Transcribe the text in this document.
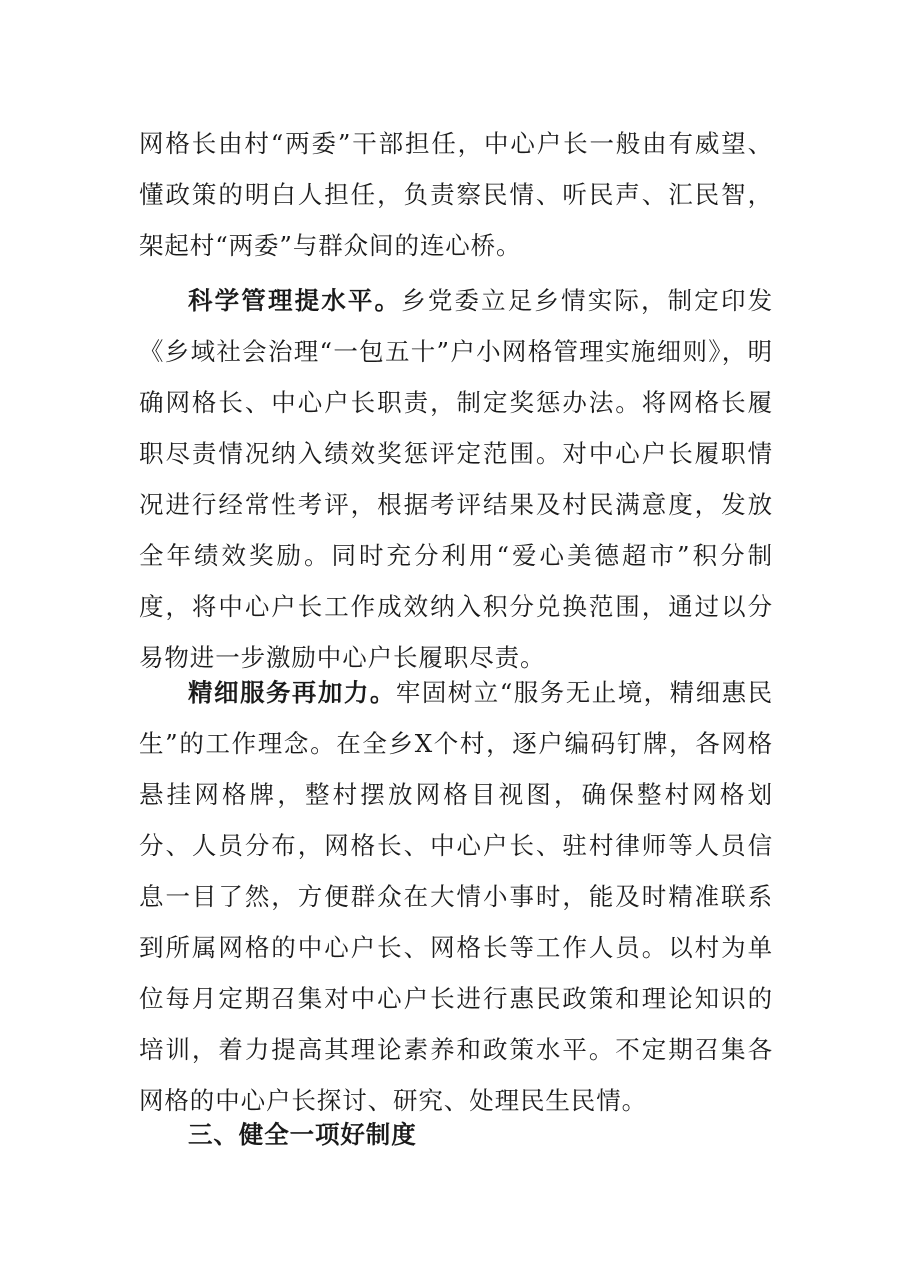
网格长由村“两委”干部担任，中心户长一般由有威望、懂政策的明白人担任，负责察民情、听民声、汇民智，架起村“两委”与群众间的连心桥。

科学管理提水平。乡党委立足乡情实际，制定印发《乡域社会治理“一包五十”户小网格管理实施细则》，明确网格长、中心户长职责，制定奖惩办法。将网格长履职尽责情况纳入绩效奖惩评定范围。对中心户长履职情况进行经常性考评，根据考评结果及村民满意度，发放全年绩效奖励。同时充分利用“爱心美德超市”积分制度，将中心户长工作成效纳入积分兑换范围，通过以分易物进一步激励中心户长履职尽责。

精细服务再加力。牢固树立“服务无止境，精细惠民生”的工作理念。在全乡X个村，逐户编码钉牌，各网格悬挂网格牌，整村摆放网格目视图，确保整村网格划分、人员分布，网格长、中心户长、驻村律师等人员信息一目了然，方便群众在大情小事时，能及时精准联系到所属网格的中心户长、网格长等工作人员。以村为单位每月定期召集对中心户长进行惠民政策和理论知识的培训，着力提高其理论素养和政策水平。不定期召集各网格的中心户长探讨、研究、处理民生民情。

三、健全一项好制度
